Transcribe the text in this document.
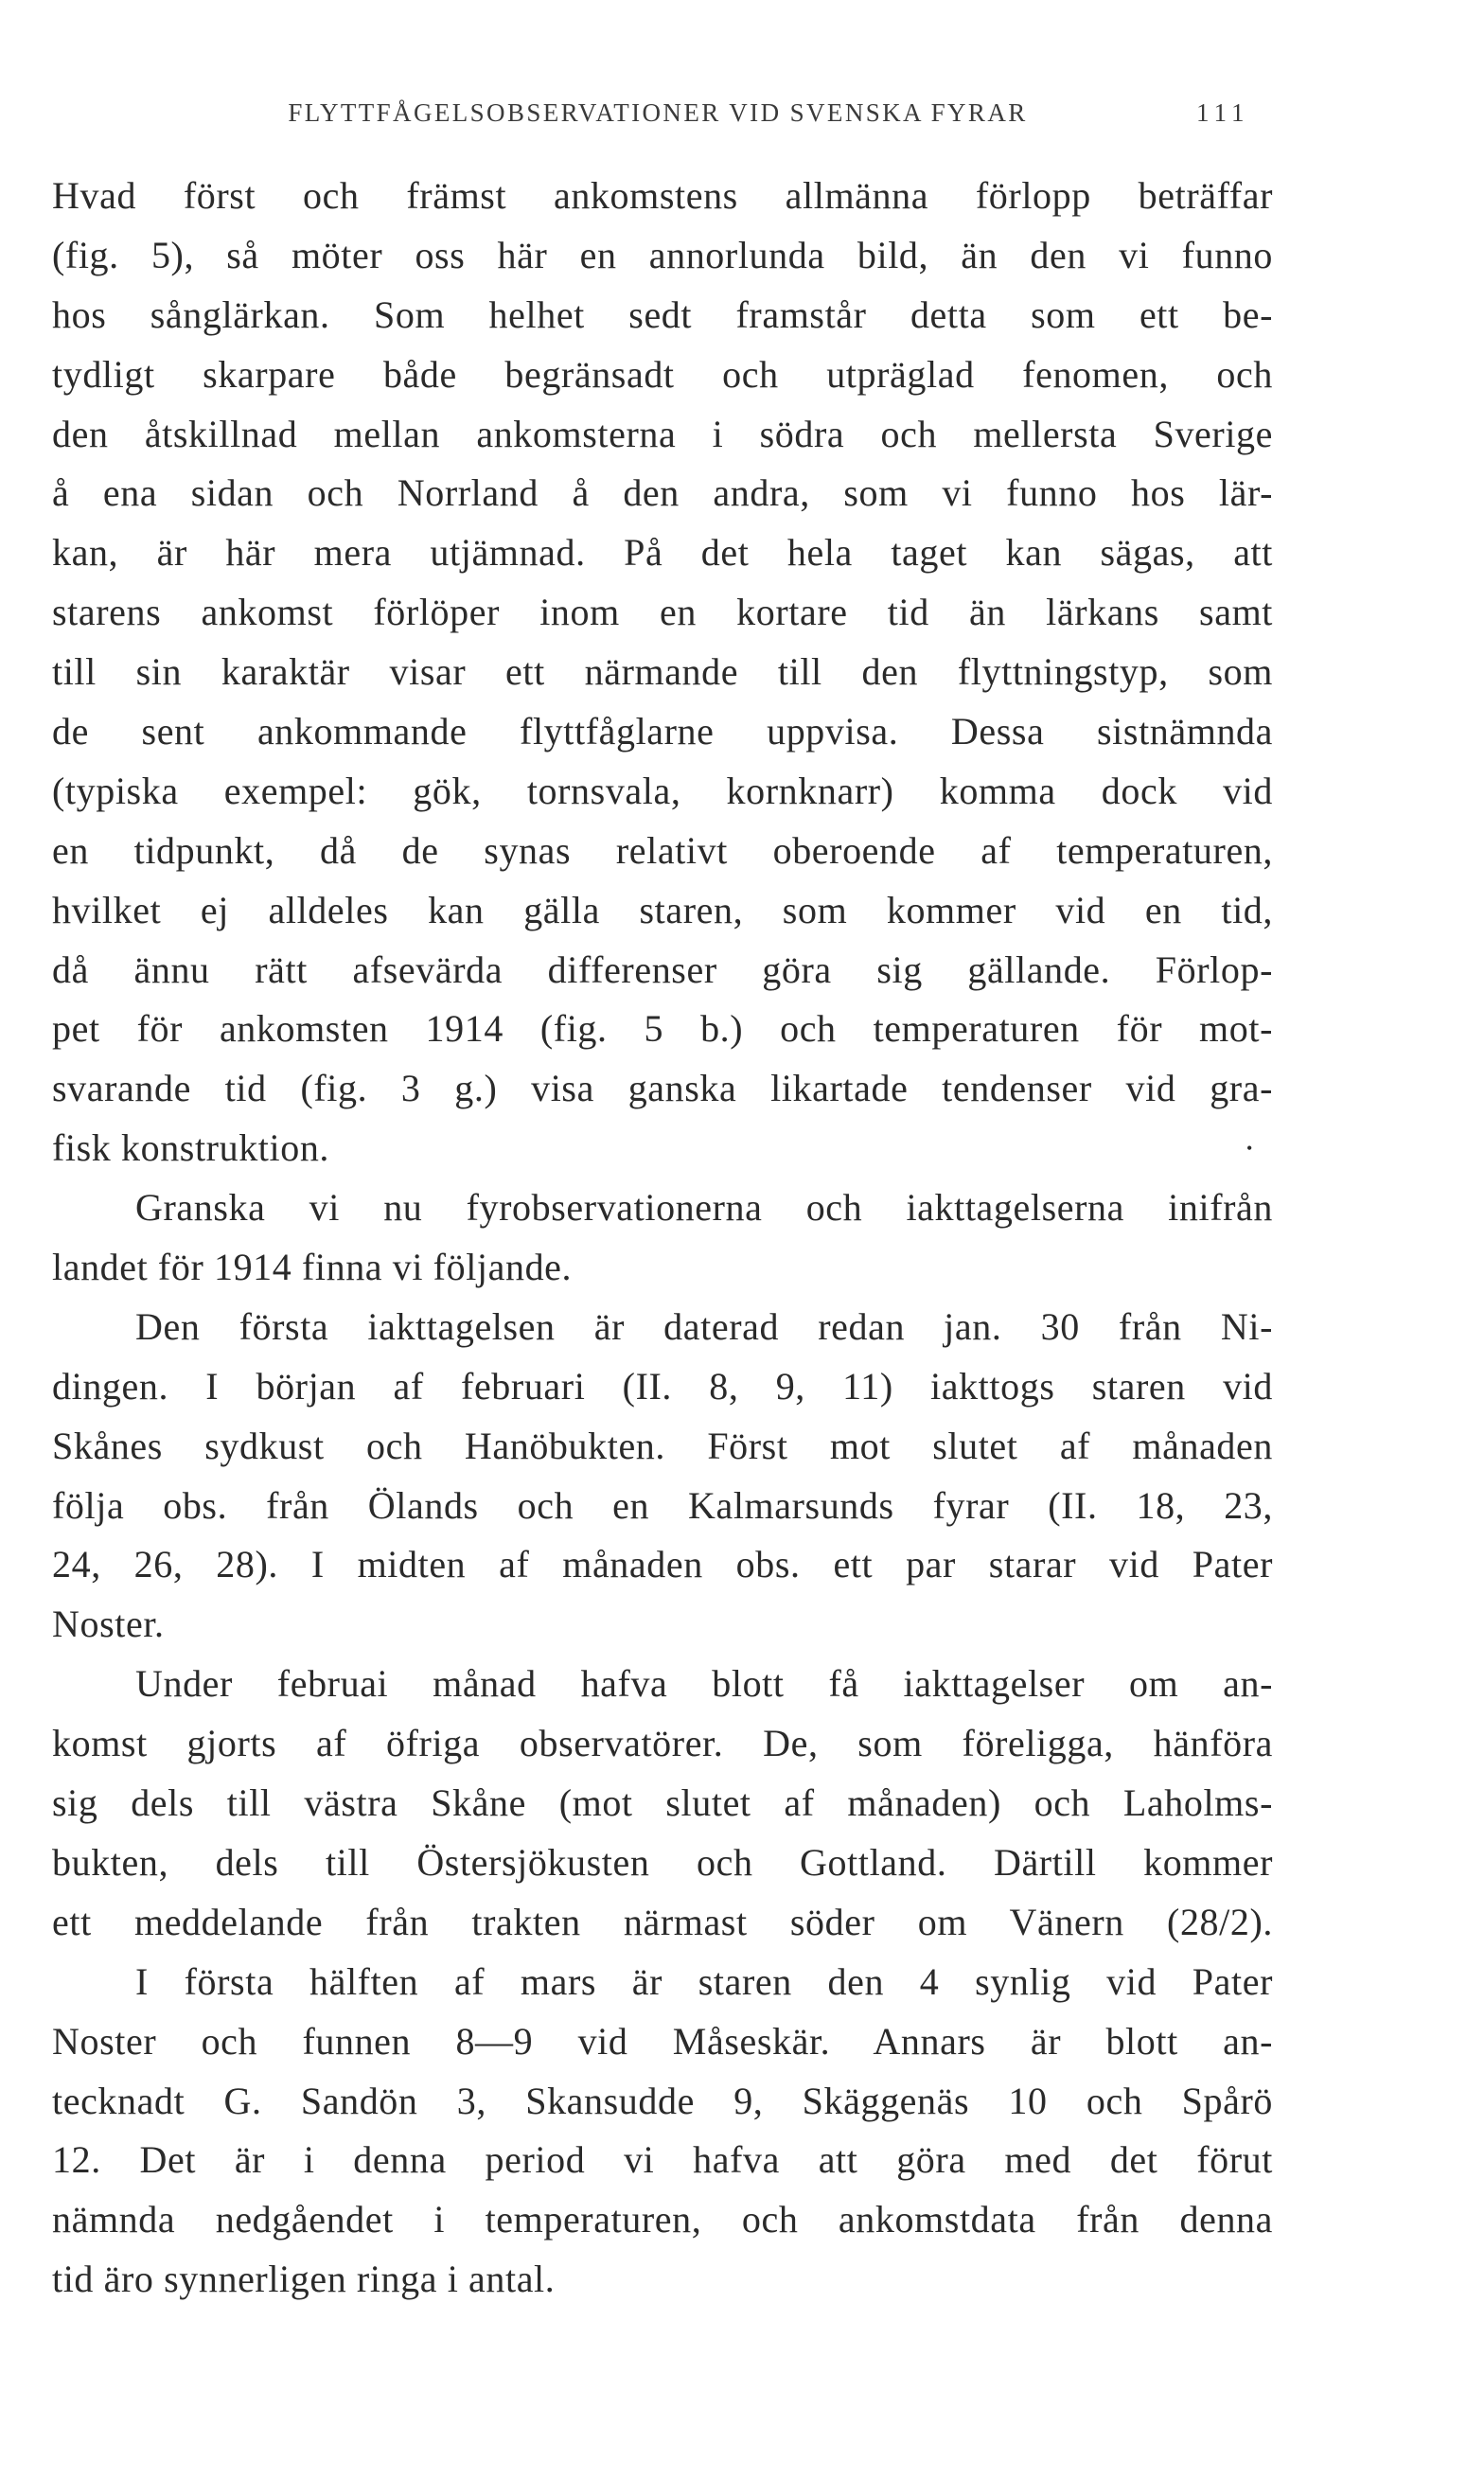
FLYTTFÅGELSOBSERVATIONER VID SVENSKA FYRAR	111
Hvad först och främst ankomstens allmänna förlopp beträffar
(fig. 5), så möter oss här en annorlunda bild, än den vi funno
hos sånglärkan. Som helhet sedt framstår detta som ett be-
tydligt skarpare både begränsadt och utpräglad fenomen, och
den åtskillnad mellan ankomsterna i södra och mellersta Sverige
å ena sidan och Norrland å den andra, som vi funno hos lär-
kan, är här mera utjämnad. På det hela taget kan sägas, att
starens ankomst förlöper inom en kortare tid än lärkans samt
till sin karaktär visar ett närmande till den flyttningstyp, som
de sent ankommande flyttfåglarne uppvisa. Dessa sistnämnda
(typiska exempel: gök, tornsvala, kornknarr) komma dock vid
en tidpunkt, då de synas relativt oberoende af temperaturen,
hvilket ej alldeles kan gälla staren, som kommer vid en tid,
då ännu rätt afsevärda differenser göra sig gällande. Förlop-
pet för ankomsten 1914 (fig. 5 b.) och temperaturen för mot-
svarande tid (fig. 3 g.) visa ganska likartade tendenser vid gra-
fisk konstruktion.	•
Granska vi nu fyrobservationerna och iakttagelserna inifrån
landet för 1914 finna vi följande.
Den första iakttagelsen är daterad redan jan. 30 från Ni-
dingen. I början af februari (II. 8, 9, 11) iakttogs staren vid
Skånes sydkust och Hanöbukten. Först mot slutet af månaden
följa obs. från Ölands och en Kalmarsunds fyrar (II. 18, 23,
24, 26, 28). I midten af månaden obs. ett par starar vid Pater
Noster.
Under februai månad hafva blott få iakttagelser om an-
komst gjorts af öfriga observatörer. De, som föreligga, hänföra
sig dels till västra Skåne (mot slutet af månaden) och Laholms-
bukten, dels till Östersjökusten och Gottland. Därtill kommer
ett meddelande från trakten närmast söder om Vänern (28/2).
I första hälften af mars är staren den 4 synlig vid Pater
Noster och funnen 8—9 vid Måseskär. Annars är blott an-
tecknadt G. Sandön 3, Skansudde 9, Skäggenäs 10 och Spårö
12. Det är i denna period vi hafva att göra med det förut
nämnda nedgåendet i temperaturen, och ankomstdata från denna
tid äro synnerligen ringa i antal.
